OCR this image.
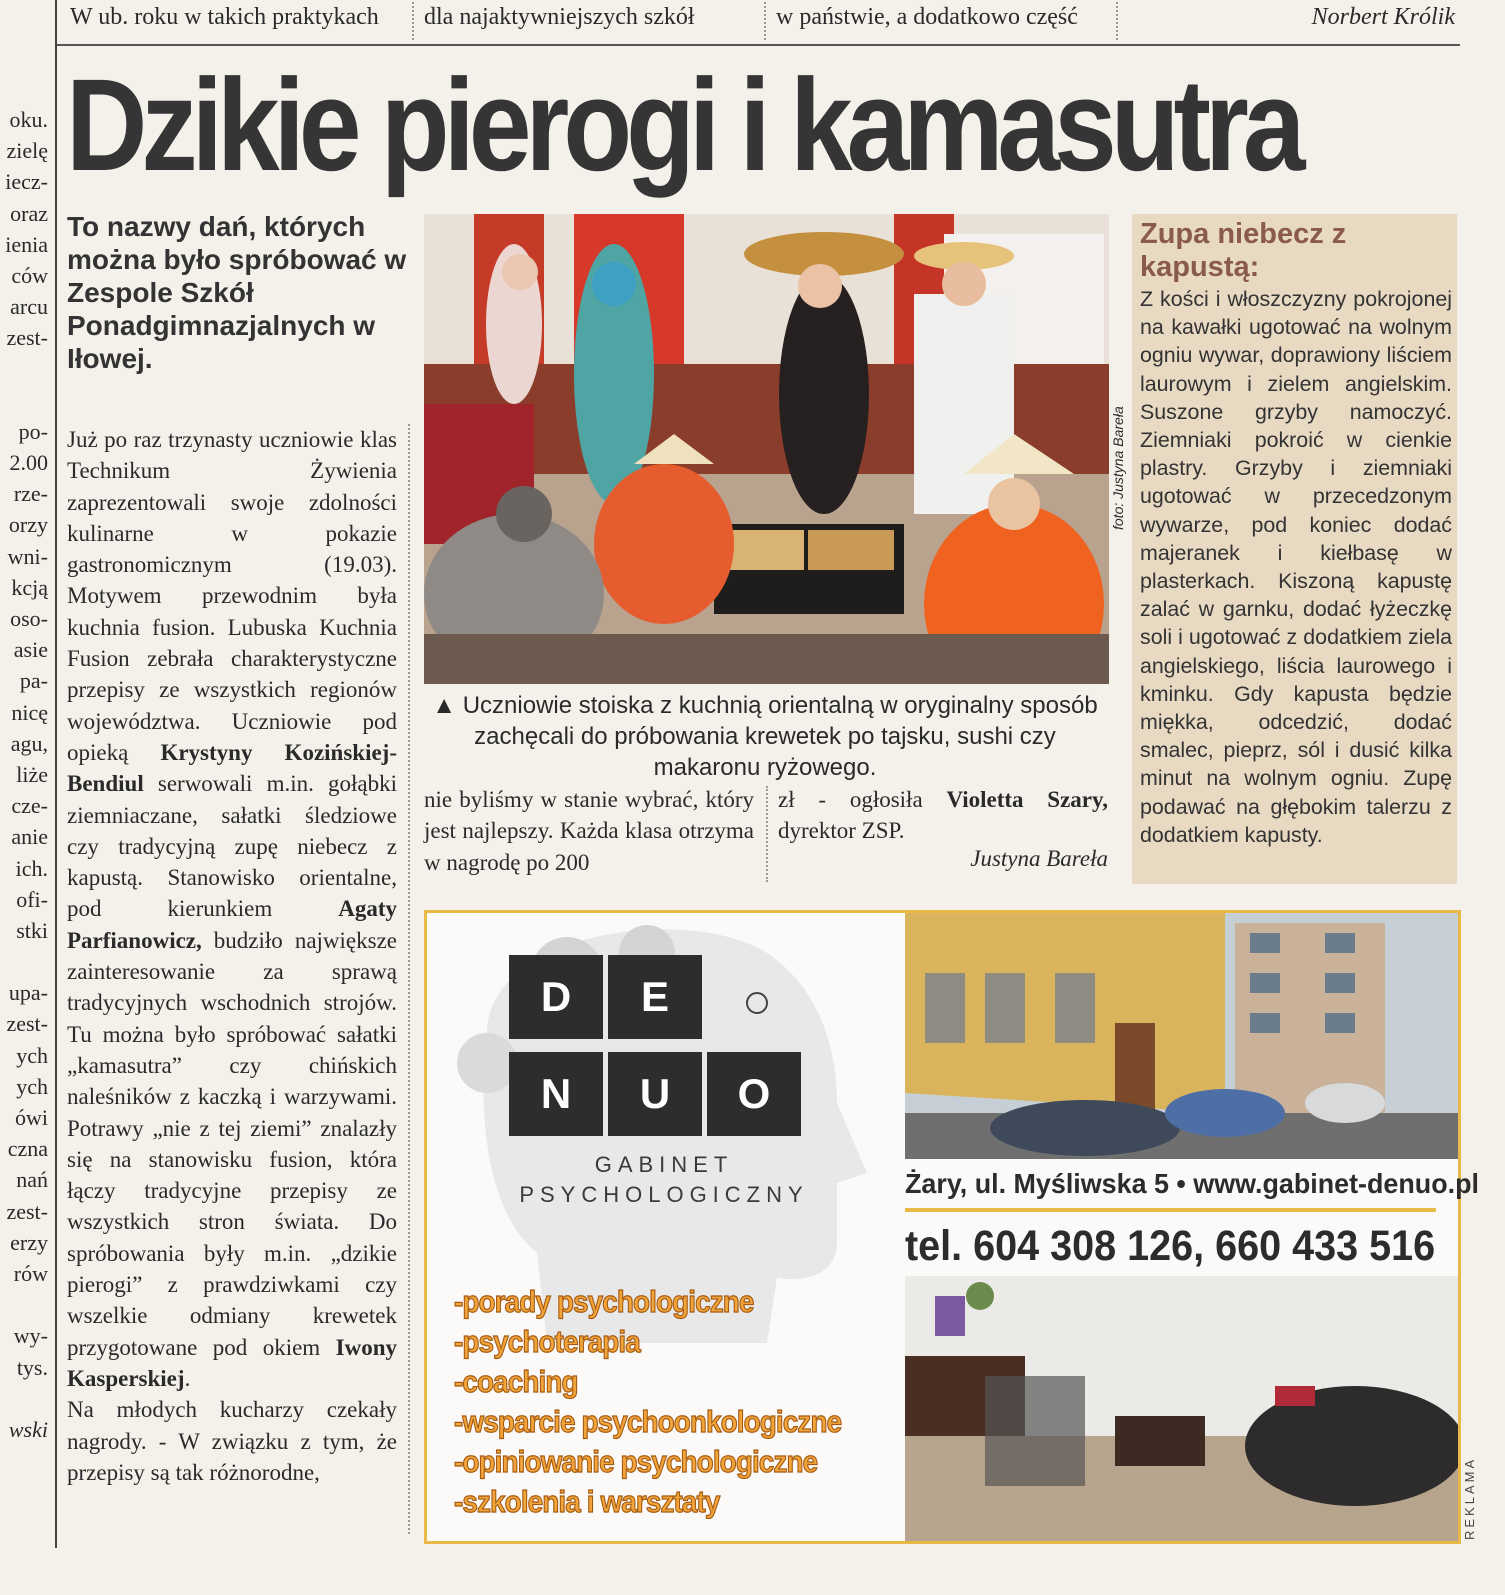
W ub. roku w takich praktykach dla najaktywniejszych szkół	w państwie, a dodatkowo część	Norbert Królik
oku.
zielę
iecz-
oraz
ienia
ców
arcu
zest-
po-
2.00
rze-
orzy
wni-
kcją
oso-
asie
pa-
nicę
agu,
liże
cze-
anie
ich.
ofi-
stki
upa-
zest-
ych
ych
ówi
czna
nań
zest-
erzy
rów
wy-
tys.
wski
Dzikie pierogi i kamasutra
To nazwy dań, których można było spróbować w Zespole Szkół Ponadgimnazjalnych w Iłowej.

Już po raz trzynasty uczniowie klas Technikum Żywienia zaprezentowali swoje zdolności kulinarne w pokazie gastronomicznym (19.03). Motywem przewodnim była kuchnia fusion. Lubuska Kuchnia Fusion zebrała charakterystyczne przepisy ze wszystkich regionów województwa. Uczniowie pod opieką Krystyny Kozińskiej-Bendiul serwowali m.in. gołąbki ziemniaczane, sałatki śledziowe czy tradycyjną zupę niebecz z kapustą. Stanowisko orientalne, pod kierunkiem Agaty Parfianowicz, budziło największe zainteresowanie za sprawą tradycyjnych wschodnich strojów. Tu można było spróbować sałatki „kamasutra” czy chińskich naleśników z kaczką i warzywami. Potrawy „nie z tej ziemi” znalazły się na stanowisku fusion, która łączy tradycyjne przepisy ze wszystkich stron świata. Do spróbowania były m.in. „dzikie pierogi” z prawdziwkami czy wszelkie odmiany krewetek przygotowane pod okiem Iwony Kasperskiej.

Na młodych kucharzy czekały nagrody. - W związku z tym, że przepisy są tak różnorodne,

foto: Justyna Bareła
▲ Uczniowie stoiska z kuchnią orientalną w oryginalny sposób zachęcali do próbowania krewetek po tajsku, sushi czy makaronu ryżowego.
nie byliśmy w stanie wybrać, który jest najlepszy. Każda klasa otrzyma w nagrodę po 200
zł - ogłosiła Violetta Szary, dyrektor ZSP.
Justyna Bareła
Zupa niebecz z kapustą:
Z kości i włoszczyzny pokrojonej na kawałki ugotować na wolnym ogniu wywar, doprawiony liściem laurowym i zielem angielskim. Suszone grzyby namoczyć. Ziemniaki pokroić w cienkie plastry. Grzyby i ziemniaki ugotować w przecedzonym wywarze, pod koniec dodać majeranek i kiełbasę w plasterkach. Kiszoną kapustę zalać w garnku, dodać łyżeczkę soli i ugotować z dodatkiem ziela angielskiego, liścia laurowego i kminku. Gdy kapusta będzie miękka, odcedzić, dodać smalec, pieprz, sól i dusić kilka minut na wolnym ogniu. Zupę podawać na głębokim talerzu z dodatkiem kapusty.
D	E
N	U	O
GABINET
PSYCHOLOGICZNY
-porady psychologiczne
-psychoterapia
-coaching
-wsparcie psychoonkologiczne
-opiniowanie psychologiczne
-szkolenia i warsztaty
Żary, ul. Myśliwska 5 • www.gabinet-denuo.pl
tel. 604 308 126, 660 433 516
REKLAMA
